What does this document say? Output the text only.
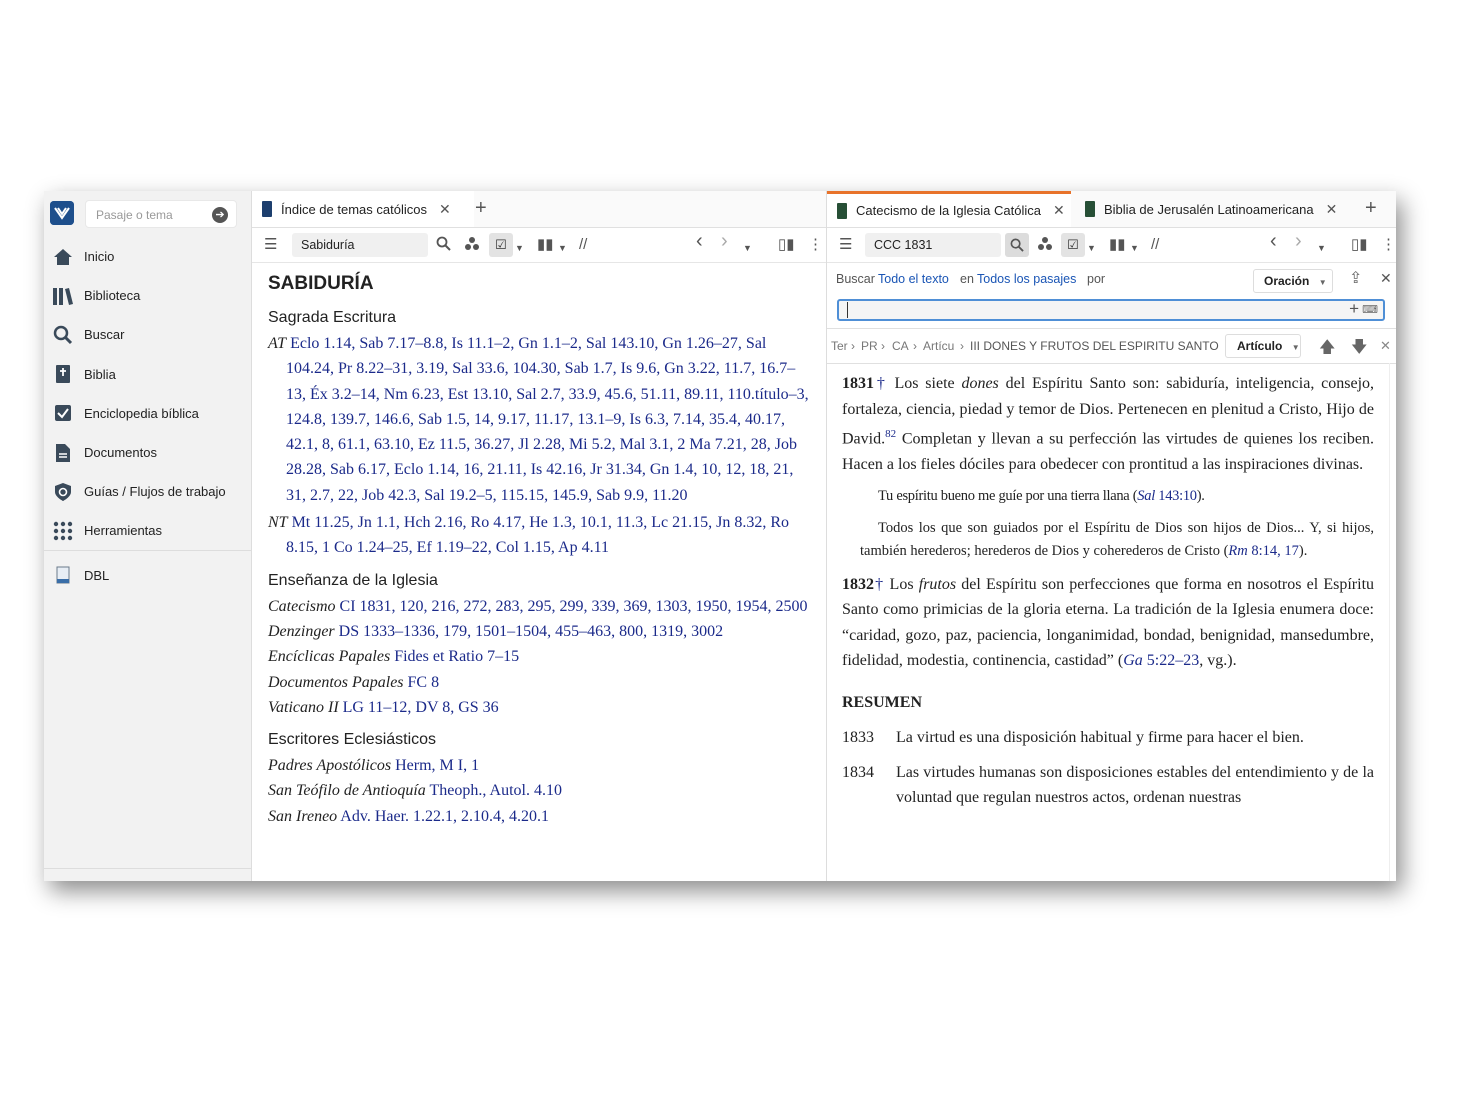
Pasaje o tema
➔
Inicio
Biblioteca
Buscar
Biblia
Enciclopedia bíblica
Documentos
Guías / Flujos de trabajo
Herramientas
DBL
Índice de temas católicos ✕ +
☰	Sabiduría	☑ ▼ ▮▮ ▼ //	‹ › ▼ ▯▮ ⋮
SABIDURÍA
Sagrada Escritura

AT Eclo 1.14, Sab 7.17–8.8, Is 11.1–2, Gn 1.1–2, Sal 143.10, Gn 1.26–27, Sal 104.24, Pr 8.22–31, 3.19, Sal 33.6, 104.30, Sab 1.7, Is 9.6, Gn 3.22, 11.7, 16.7–13, Éx 3.2–14, Nm 6.23, Est 13.10, Sal 2.7, 33.9, 45.6, 51.11, 89.11, 110.título–3, 124.8, 139.7, 146.6, Sab 1.5, 14, 9.17, 11.17, 13.1–9, Is 6.3, 7.14, 35.4, 40.17, 42.1, 8, 61.1, 63.10, Ez 11.5, 36.27, Jl 2.28, Mi 5.2, Mal 3.1, 2 Ma 7.21, 28, Job 28.28, Sab 6.17, Eclo 1.14, 16, 21.11, Is 42.16, Jr 31.34, Gn 1.4, 10, 12, 18, 21, 31, 2.7, 22, Job 42.3, Sal 19.2–5, 115.15, 145.9, Sab 9.9, 11.20

NT Mt 11.25, Jn 1.1, Hch 2.16, Ro 4.17, He 1.3, 10.1, 11.3, Lc 21.15, Jn 8.32, Ro 8.15, 1 Co 1.24–25, Ef 1.19–22, Col 1.15, Ap 4.11

Enseñanza de la Iglesia

Catecismo CI 1831, 120, 216, 272, 283, 295, 299, 339, 369, 1303, 1950, 1954, 2500

Denzinger DS 1333–1336, 179, 1501–1504, 455–463, 800, 1319, 3002

Encíclicas Papales Fides et Ratio 7–15

Documentos Papales FC 8

Vaticano II LG 11–12, DV 8, GS 36

Escritores Eclesiásticos

Padres Apostólicos Herm, M I, 1

San Teófilo de Antioquía Theoph., Autol. 4.10

San Ireneo Adv. Haer. 1.22.1, 2.10.4, 4.20.1

Catecismo de la Iglesia Católica ✕	Biblia de Jerusalén Latinoamericana ✕ +
☰	CCC 1831	☑ ▼ ▮▮ ▼ //	‹ › ▼ ▯▮ ⋮
Buscar Todo el texto en Todos los pasajes por	Oración ▼	⇪ ✕
+ ⌨
Ter › PR › CA › Artícu › III DONES Y FRUTOS DEL ESPIRITU SANTO	Artículo ▼ 🡅 🡇 ✕

1831† Los siete dones del Espíritu Santo son: sabiduría, inteligencia, consejo, fortaleza, ciencia, piedad y temor de Dios. Pertenecen en plenitud a Cristo, Hijo de David.$^{82}$ Completan y llevan a su perfección las virtudes de quienes los reciben. Hacen a los fieles dóciles para obedecer con prontitud a las inspiraciones divinas.

Tu espíritu bueno me guíe por una tierra llana (Sal 143:10).

Todos los que son guiados por el Espíritu de Dios son hijos de Dios... Y, si hijos, también herederos; herederos de Dios y coherederos de Cristo (Rm 8:14, 17).

1832† Los frutos del Espíritu son perfecciones que forma en nosotros el Espíritu Santo como primicias de la gloria eterna. La tradición de la Iglesia enumera doce: “caridad, gozo, paz, paciencia, longanimidad, bondad, benignidad, mansedumbre, fidelidad, modestia, continencia, castidad” (Ga 5:22–23, vg.).

RESUMEN

1833	La virtud es una disposición habitual y firme para hacer el bien.
1834	Las virtudes humanas son disposiciones estables del entendimiento y de la voluntad que regulan nuestros actos, ordenan nuestras
